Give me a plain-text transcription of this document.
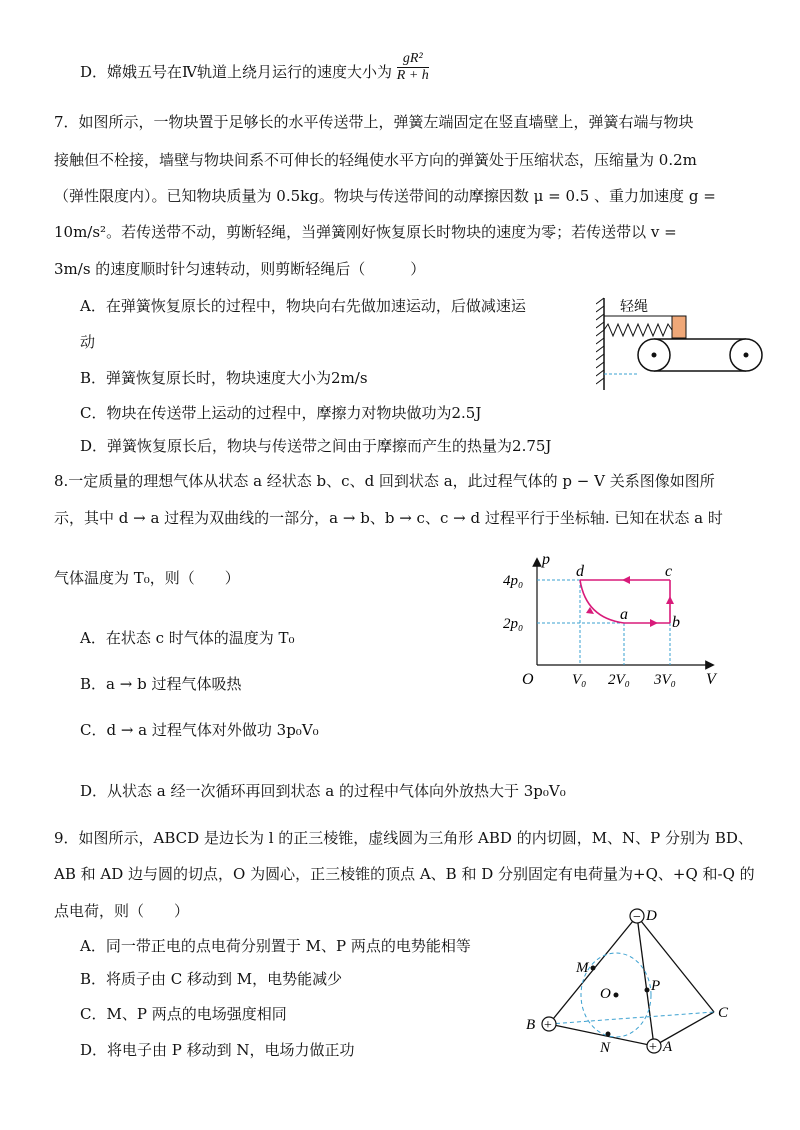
D．嫦娥五号在Ⅳ轨道上绕月运行的速度大小为 $\frac{\text{gR²}}{R + h}$
7．如图所示，一物块置于足够长的水平传送带上，弹簧左端固定在竖直墙壁上，弹簧右端与物块
接触但不栓接，墙壁与物块间系不可伸长的轻绳使水平方向的弹簧处于压缩状态，压缩量为 0.2m
（弹性限度内）。已知物块质量为 0.5kg。物块与传送带间的动摩擦因数 μ = 0.5 、重力加速度 g =
10m/s²。若传送带不动，剪断轻绳，当弹簧刚好恢复原长时物块的速度为零；若传送带以 v =
3m/s 的速度顺时针匀速转动，则剪断轻绳后（　　　）
A．在弹簧恢复原长的过程中，物块向右先做加速运动，后做减速运
动
B．弹簧恢复原长时，物块速度大小为2m/s
C．物块在传送带上运动的过程中，摩擦力对物块做功为2.5J
D．弹簧恢复原长后，物块与传送带之间由于摩擦而产生的热量为2.75J
轻绳
8.一定质量的理想气体从状态 a 经状态 b、c、d 回到状态 a，此过程气体的 p − V 关系图像如图所
示，其中 d → a 过程为双曲线的一部分，a → b、b → c、c → d 过程平行于坐标轴. 已知在状态 a 时
气体温度为 T₀，则（　　）
A．在状态 c 时气体的温度为 T₀
B．a → b 过程气体吸热
C．d → a 过程气体对外做功 3p₀V₀
D．从状态 a 经一次循环再回到状态 a 的过程中气体向外放热大于 3p₀V₀
p
V
O
4p₀
2p₀
V₀ 2V₀ 3V₀
a	b
c
d
9．如图所示，ABCD 是边长为 l 的正三棱锥，虚线圆为三角形 ABD 的内切圆，M、N、P 分别为 BD、
AB 和 AD 边与圆的切点，O 为圆心，正三棱锥的顶点 A、B 和 D 分别固定有电荷量为+Q、+Q 和-Q 的
点电荷，则（　　）
A．同一带正电的点电荷分别置于 M、P 两点的电势能相等
B．将质子由 C 移动到 M，电势能减少
C．M、P 两点的电场强度相同
D．将电子由 P 移动到 N，电场力做正功
−
+
+
D
B
A
C
M
N
P
O
